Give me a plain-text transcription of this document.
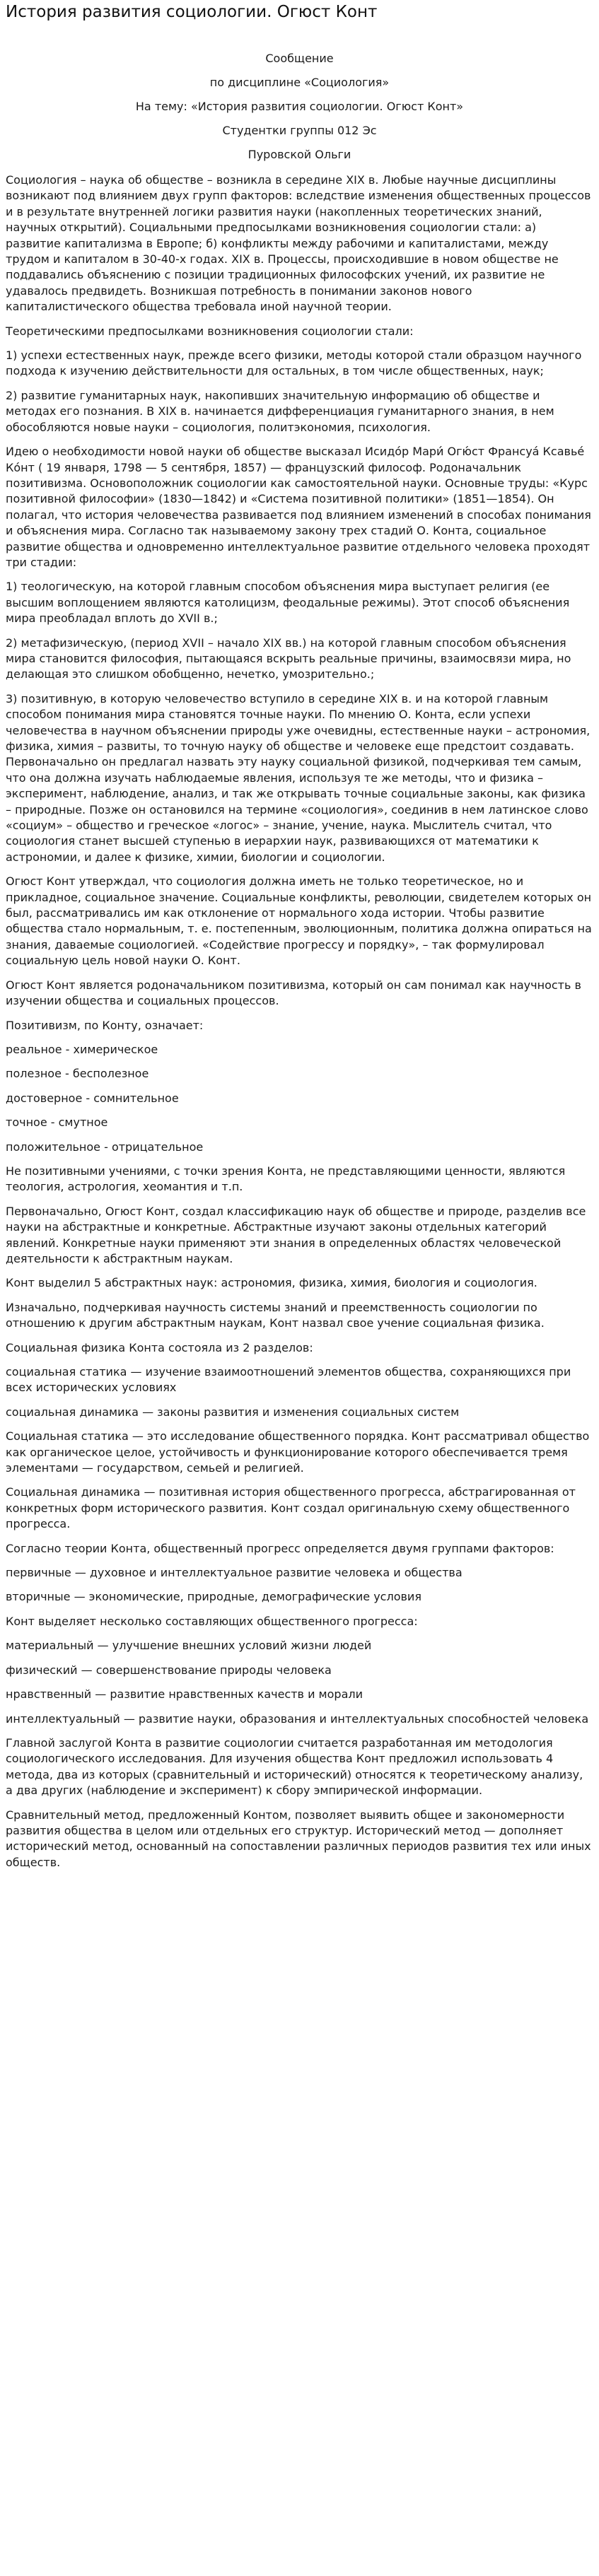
История развития социологии. Огюст Конт

Сообщение

по дисциплине «Социология»

На тему: «История развития социологии. Огюст Конт»

Студентки группы 012 Эс

Пуровской Ольги

Социология – наука об обществе – возникла в середине XIX в. Любые научные дисциплины возникают под влиянием двух групп факторов: вследствие изменения общественных процессов и в результате внутренней логики развития науки (накопленных теоретических знаний, научных открытий). Социальными предпосылками возникновения социологии стали: а) развитие капитализма в Европе; б) конфликты между рабочими и капиталистами, между трудом и капиталом в 30-40-х годах. XIX в. Процессы, происходившие в новом обществе не поддавались объяснению с позиции традиционных философских учений, их развитие не удавалось предвидеть. Возникшая потребность в понимании законов нового капиталистического общества требовала иной научной теории.

Теоретическими предпосылками возникновения социологии стали:

1) успехи естественных наук, прежде всего физики, методы которой стали образцом научного подхода к изучению действительности для остальных, в том числе общественных, наук;

2) развитие гуманитарных наук, накопивших значительную информацию об обществе и методах его познания. В XIX в. начинается дифференциация гуманитарного знания, в нем обособляются новые науки – социология, политэкономия, психология.

Идею о необходимости новой науки об обществе высказал Исидо́р Мари́ Огю́ст Франсуа́ Ксавье́ Ко́нт ( 19 января, 1798 — 5 сентября, 1857) — французский философ. Родоначальник позитивизма. Основоположник социологии как самостоятельной науки. Основные труды: «Курс позитивной философии» (1830—1842) и «Система позитивной политики» (1851—1854). Он полагал, что история человечества развивается под влиянием изменений в способах понимания и объяснения мира. Согласно так называемому закону трех стадий О. Конта, социальное развитие общества и одновременно интеллектуальное развитие отдельного человека проходят три стадии:

1) теологическую, на которой главным способом объяснения мира выступает религия (ее высшим воплощением являются католицизм, феодальные режимы). Этот способ объяснения мира преобладал вплоть до XVII в.;

2) метафизическую, (период XVII – начало XIX вв.) на которой главным способом объяснения мира становится философия, пытающаяся вскрыть реальные причины, взаимосвязи мира, но делающая это слишком обобщенно, нечетко, умозрительно.;

3) позитивную, в которую человечество вступило в середине XIX в. и на которой главным способом понимания мира становятся точные науки. По мнению О. Конта, если успехи человечества в научном объяснении природы уже очевидны, естественные науки – астрономия, физика, химия – развиты, то точную науку об обществе и человеке еще предстоит создавать. Первоначально он предлагал назвать эту науку социальной физикой, подчеркивая тем самым, что она должна изучать наблюдаемые явления, используя те же методы, что и физика – эксперимент, наблюдение, анализ, и так же открывать точные социальные законы, как физика – природные. Позже он остановился на термине «социология», соединив в нем латинское слово «социум» – общество и греческое «логос» – знание, учение, наука. Мыслитель считал, что социология станет высшей ступенью в иерархии наук, развивающихся от математики к астрономии, и далее к физике, химии, биологии и социологии.

Огюст Конт утверждал, что социология должна иметь не только теоретическое, но и прикладное, социальное значение. Социальные конфликты, революции, свидетелем которых он был, рассматривались им как отклонение от нормального хода истории. Чтобы развитие общества стало нормальным, т. е. постепенным, эволюционным, политика должна опираться на знания, даваемые социологией. «Содействие прогрессу и порядку», – так формулировал социальную цель новой науки О. Конт.

Огюст Конт является родоначальником позитивизма, который он сам понимал как научность в изучении общества и социальных процессов.

Позитивизм, по Конту, означает:

реальное - химерическое

полезное - бесполезное

достоверное - сомнительное

точное - смутное

положительное - отрицательное

Не позитивными учениями, с точки зрения Конта, не представляющими ценности, являются теология, астрология, хеомантия и т.п.

Первоначально, Огюст Конт, создал классификацию наук об обществе и природе, разделив все науки на абстрактные и конкретные. Абстрактные изучают законы отдельных категорий явлений. Конкретные науки применяют эти знания в определенных областях человеческой деятельности к абстрактным наукам.

Конт выделил 5 абстрактных наук: астрономия, физика, химия, биология и социология.

Изначально, подчеркивая научность системы знаний и преемственность социологии по отношению к другим абстрактным наукам, Конт назвал свое учение социальная физика.

Социальная физика Конта состояла из 2 разделов:

социальная статика — изучение взаимоотношений элементов общества, сохраняющихся при всех исторических условиях

социальная динамика — законы развития и изменения социальных систем

Социальная статика — это исследование общественного порядка. Конт рассматривал общество как органическое целое, устойчивость и функционирование которого обеспечивается тремя элементами — государством, семьей и религией.

Социальная динамика — позитивная история общественного прогресса, абстрагированная от конкретных форм исторического развития. Конт создал оригинальную схему общественного прогресса.

Согласно теории Конта, общественный прогресс определяется двумя группами факторов:

первичные — духовное и интеллектуальное развитие человека и общества

вторичные — экономические, природные, демографические условия

Конт выделяет несколько составляющих общественного прогресса:

материальный — улучшение внешних условий жизни людей

физический — совершенствование природы человека

нравственный — развитие нравственных качеств и морали

интеллектуальный — развитие науки, образования и интеллектуальных способностей человека

Главной заслугой Конта в развитие социологии считается разработанная им методология социологического исследования. Для изучения общества Конт предложил использовать 4 метода, два из которых (сравнительный и исторический) относятся к теоретическому анализу, а два других (наблюдение и эксперимент) к сбору эмпирической информации.

Сравнительный метод, предложенный Контом, позволяет выявить общее и закономерности развития общества в целом или отдельных его структур. Исторический метод — дополняет исторический метод, основанный на сопоставлении различных периодов развития тех или иных обществ.
